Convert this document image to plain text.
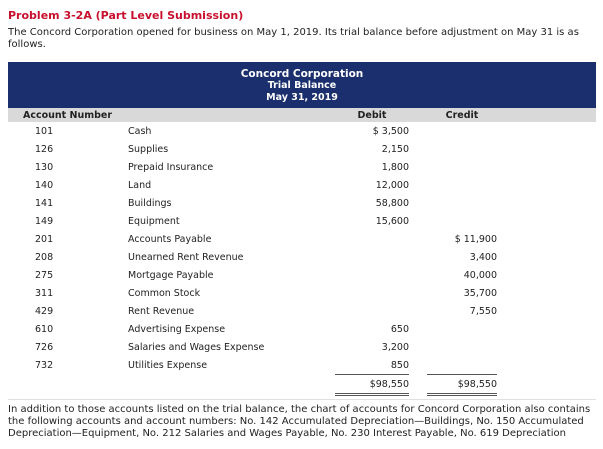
Problem 3-2A (Part Level Submission)
The Concord Corporation opened for business on May 1, 2019. Its trial balance before adjustment on May 31 is as follows.
Concord Corporation
Trial Balance
May 31, 2019
Account Number		Debit		Credit	
101	Cash	$ 3,500			
126	Supplies	2,150			
130	Prepaid Insurance	1,800			
140	Land	12,000			
141	Buildings	58,800			
149	Equipment	15,600			
201	Accounts Payable			$ 11,900	
208	Unearned Rent Revenue			3,400	
275	Mortgage Payable			40,000	
311	Common Stock			35,700	
429	Rent Revenue			7,550	
610	Advertising Expense	650			
726	Salaries and Wages Expense	3,200			
732	Utilities Expense	850			
		$98,550		$98,550	
In addition to those accounts listed on the trial balance, the chart of accounts for Concord Corporation also contains the following accounts and account numbers: No. 142 Accumulated Depreciation—Buildings, No. 150 Accumulated Depreciation—Equipment, No. 212 Salaries and Wages Payable, No. 230 Interest Payable, No. 619 Depreciation
